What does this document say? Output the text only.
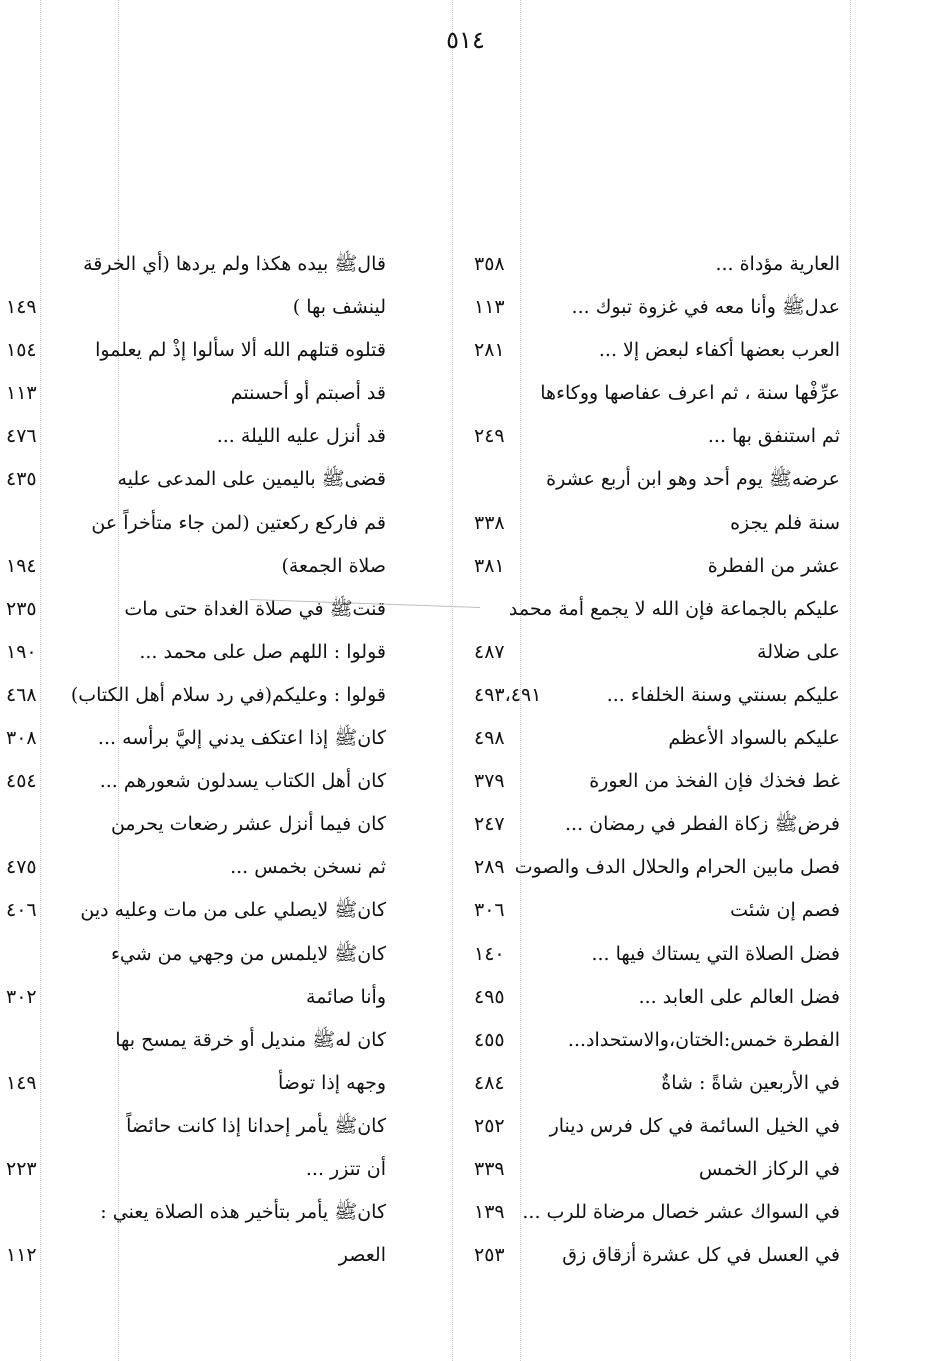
٥١٤
العارية مؤداة ...
٣٥٨
عدلﷺ وأنا معه في غزوة تبوك ...
١١٣
العرب بعضها أكفاء لبعض إلا ...
٢٨١
عرِّفْها سنة ، ثم اعرف عفاصها ووكاءها
ثم استنفق بها ...
٢٤٩
عرضهﷺ يوم أحد وهو ابن أربع عشرة
سنة فلم يجزه
٣٣٨
عشر من الفطرة
٣٨١
عليكم بالجماعة فإن الله لا يجمع أمة محمد
على ضلالة
٤٨٧
عليكم بسنتي وسنة الخلفاء ...
٤٩٣،٤٩١
عليكم بالسواد الأعظم
٤٩٨
غط فخذك فإن الفخذ من العورة
٣٧٩
فرضﷺ زكاة الفطر في رمضان ...
٢٤٧
فصل مابين الحرام والحلال الدف والصوت
٢٨٩
فصم إن شئت
٣٠٦
فضل الصلاة التي يستاك فيها ...
١٤٠
فضل العالم على العابد ...
٤٩٥
الفطرة خمس:الختان،والاستحداد...
٤٥٥
في الأربعين شاةً : شاةٌ
٤٨٤
في الخيل السائمة في كل فرس دينار
٢٥٢
في الركاز الخمس
٣٣٩
في السواك عشر خصال مرضاة للرب ...
١٣٩
في العسل في كل عشرة أزقاق زق
٢٥٣
قالﷺ بيده هكذا ولم يردها (أي الخرقة
لينشف بها )
١٤٩
قتلوه قتلهم الله ألا سألوا إذْ لم يعلموا
١٥٤
قد أصبتم أو أحسنتم
١١٣
قد أنزل عليه الليلة ...
٤٧٦
قضىﷺ باليمين على المدعى عليه
٤٣٥
قم فاركع ركعتين (لمن جاء متأخراً عن
صلاة الجمعة)
١٩٤
قنتﷺ في صلاة الغداة حتى مات
٢٣٥
قولوا : اللهم صل على محمد ...
١٩٠
قولوا : وعليكم(في رد سلام أهل الكتاب)
٤٦٨
كانﷺ إذا اعتكف يدني إليَّ برأسه ...
٣٠٨
كان أهل الكتاب يسدلون شعورهم ...
٤٥٤
كان فيما أنزل عشر رضعات يحرمن
ثم نسخن بخمس ...
٤٧٥
كانﷺ لايصلي على من مات وعليه دين
٤٠٦
كانﷺ لايلمس من وجهي من شيء
وأنا صائمة
٣٠٢
كان لهﷺ منديل أو خرقة يمسح بها
وجهه إذا توضأ
١٤٩
كانﷺ يأمر إحدانا إذا كانت حائضاً
أن تتزر ...
٢٢٣
كانﷺ يأمر بتأخير هذه الصلاة يعني :
العصر
١١٢
